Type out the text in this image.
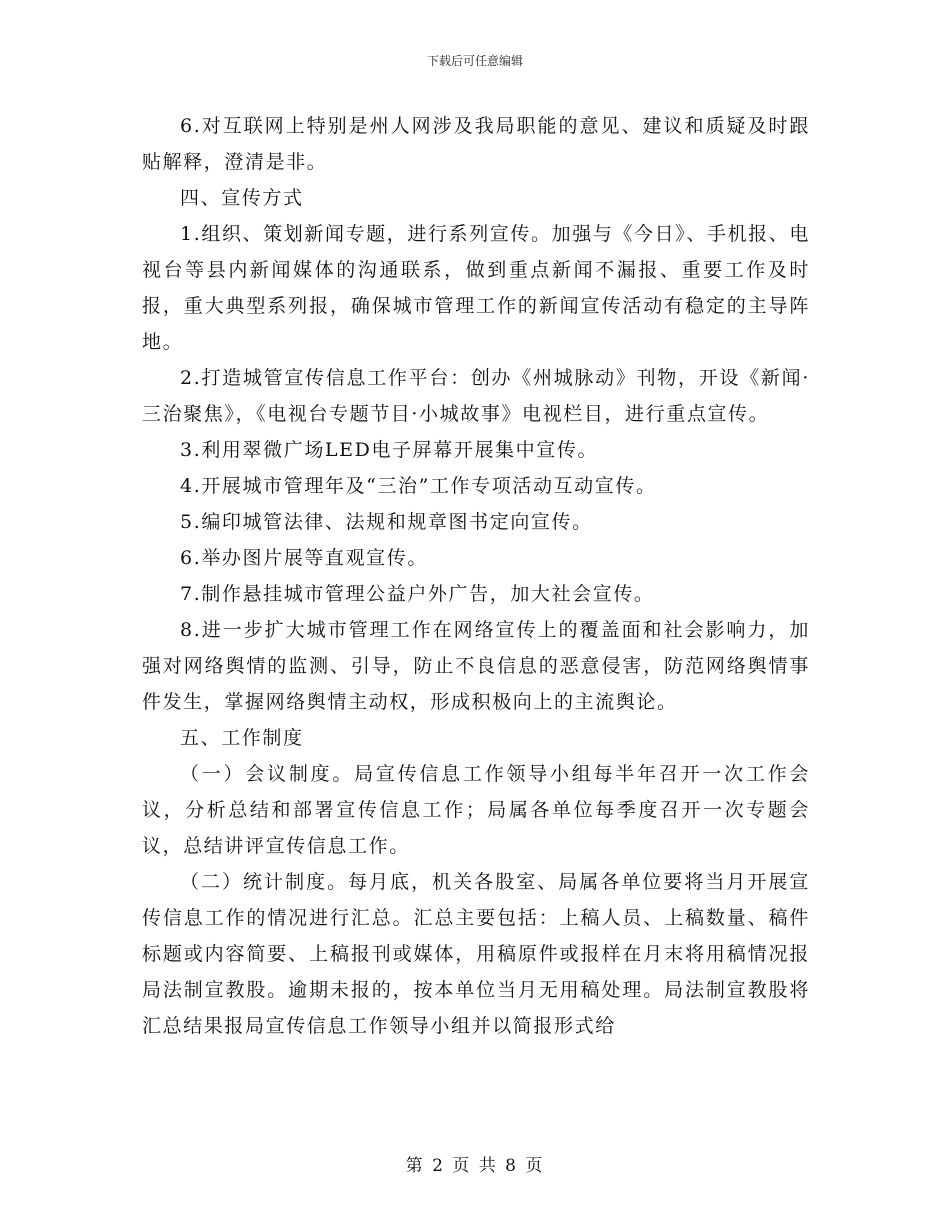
下载后可任意编辑

6.对互联网上特别是州人网涉及我局职能的意见、建议和质疑及时跟贴解释，澄清是非。

四、宣传方式

1.组织、策划新闻专题，进行系列宣传。加强与《今日》、手机报、电视台等县内新闻媒体的沟通联系，做到重点新闻不漏报、重要工作及时报，重大典型系列报，确保城市管理工作的新闻宣传活动有稳定的主导阵地。

2.打造城管宣传信息工作平台：创办《州城脉动》刊物，开设《新闻·三治聚焦》，《电视台专题节目·小城故事》电视栏目，进行重点宣传。

3.利用翠微广场LED电子屏幕开展集中宣传。

4.开展城市管理年及“三治”工作专项活动互动宣传。

5.编印城管法律、法规和规章图书定向宣传。

6.举办图片展等直观宣传。

7.制作悬挂城市管理公益户外广告，加大社会宣传。

8.进一步扩大城市管理工作在网络宣传上的覆盖面和社会影响力，加强对网络舆情的监测、引导，防止不良信息的恶意侵害，防范网络舆情事件发生，掌握网络舆情主动权，形成积极向上的主流舆论。

五、工作制度

（一）会议制度。局宣传信息工作领导小组每半年召开一次工作会议，分析总结和部署宣传信息工作；局属各单位每季度召开一次专题会议，总结讲评宣传信息工作。

（二）统计制度。每月底，机关各股室、局属各单位要将当月开展宣传信息工作的情况进行汇总。汇总主要包括：上稿人员、上稿数量、稿件标题或内容简要、上稿报刊或媒体，用稿原件或报样在月末将用稿情况报局法制宣教股。逾期未报的，按本单位当月无用稿处理。局法制宣教股将汇总结果报局宣传信息工作领导小组并以简报形式给

第 2 页 共 8 页
